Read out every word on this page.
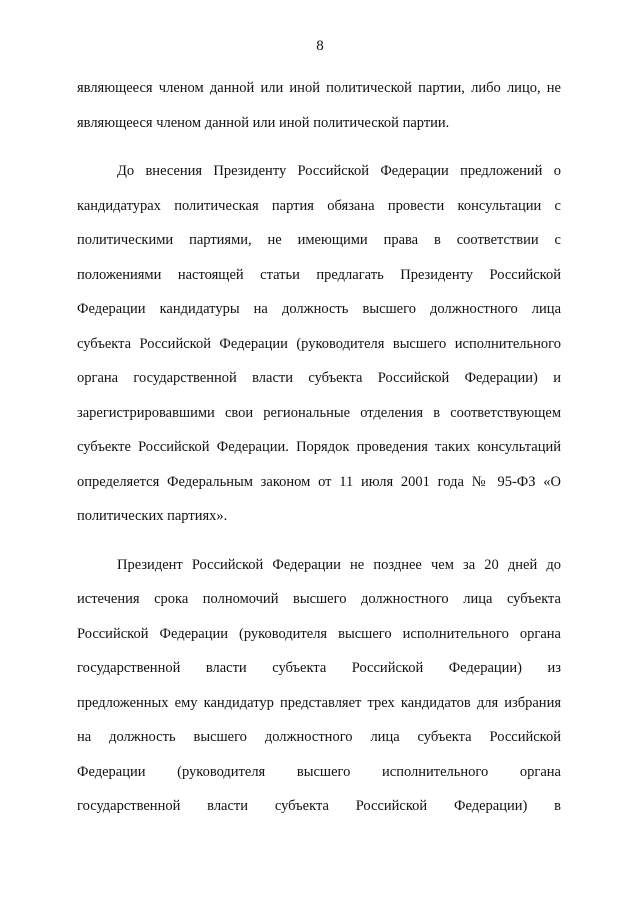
8
являющееся членом данной или иной политической партии, либо лицо, не
являющееся членом данной или иной политической партии.
До внесения Президенту Российской Федерации предложений о
кандидатурах политическая партия обязана провести консультации с
политическими партиями, не имеющими права в соответствии с
положениями настоящей статьи предлагать Президенту Российской
Федерации кандидатуры на должность высшего должностного лица
субъекта Российской Федерации (руководителя высшего исполнительного
органа государственной власти субъекта Российской Федерации) и
зарегистрировавшими свои региональные отделения в соответствующем
субъекте Российской Федерации. Порядок проведения таких консультаций
определяется Федеральным законом от 11 июля 2001 года № 95-ФЗ «О
политических партиях».
Президент Российской Федерации не позднее чем за 20 дней до
истечения срока полномочий высшего должностного лица субъекта
Российской Федерации (руководителя высшего исполнительного органа
государственной власти субъекта Российской Федерации) из
предложенных ему кандидатур представляет трех кандидатов для избрания
на должность высшего должностного лица субъекта Российской
Федерации (руководителя высшего исполнительного органа
государственной власти субъекта Российской Федерации) в
